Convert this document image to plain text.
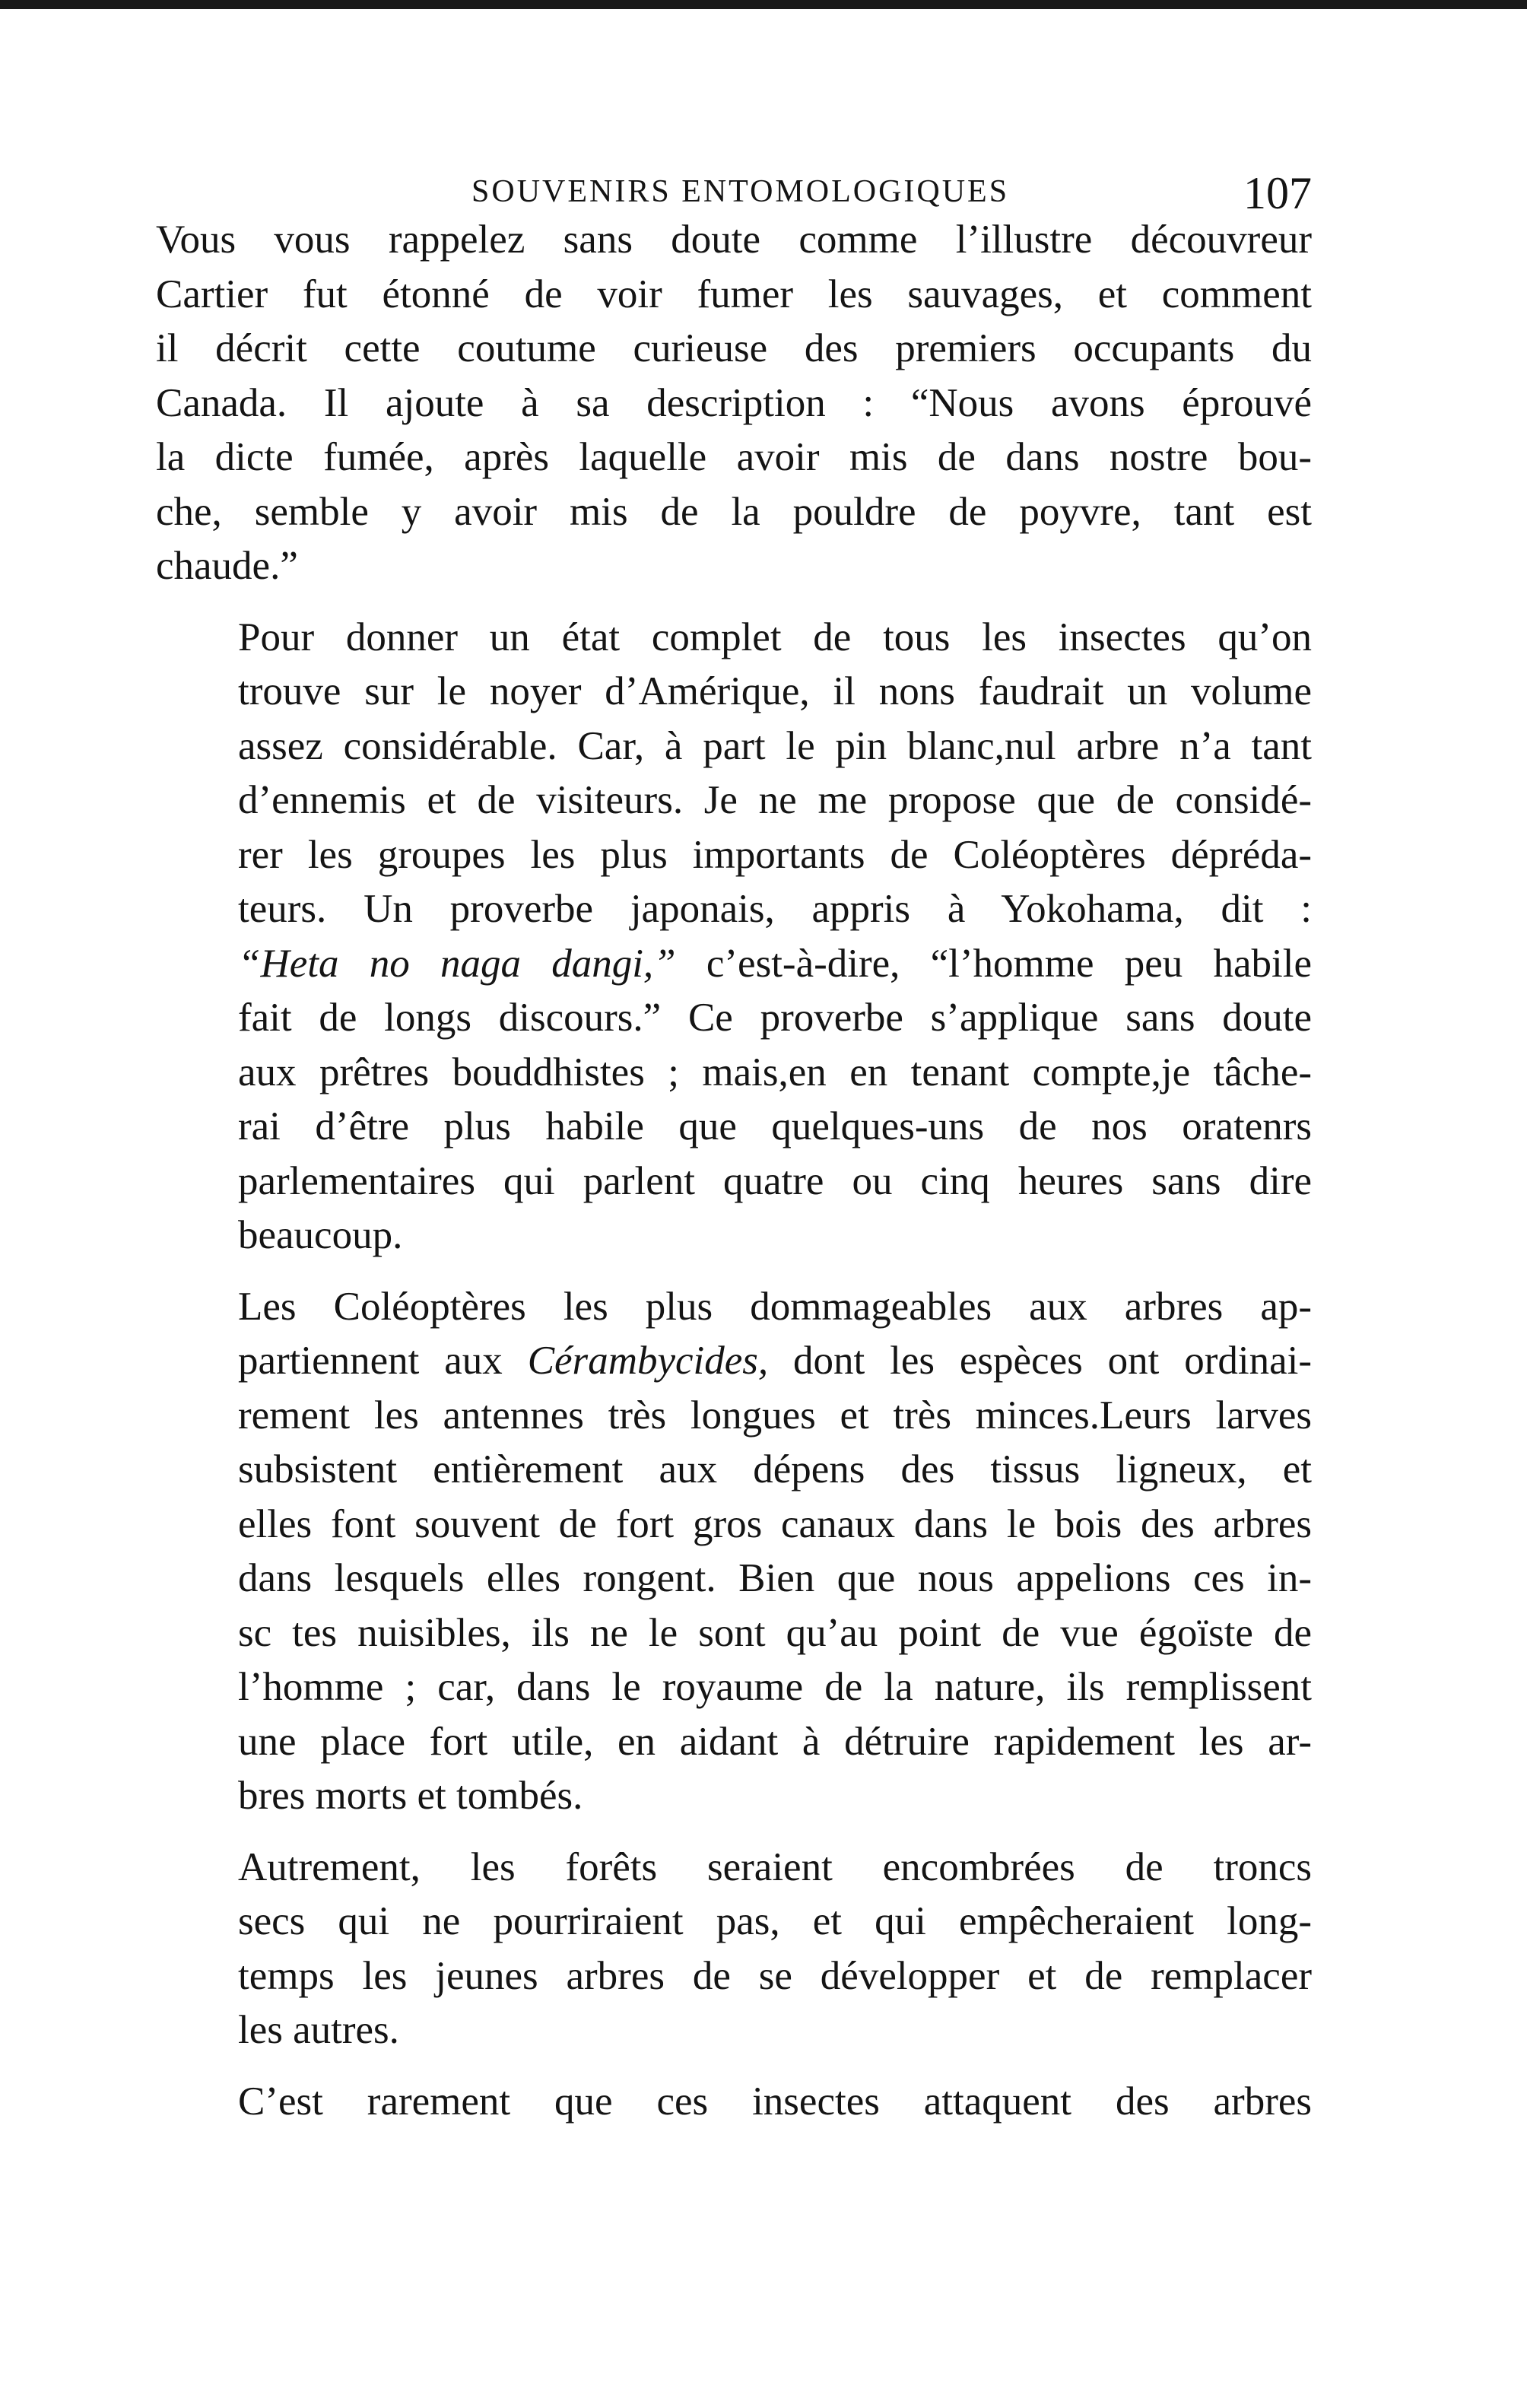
SOUVENIRS ENTOMOLOGIQUES	107

Vous vous rappelez sans doute comme l’illustre découvreur
Cartier fut étonné de voir fumer les sauvages, et comment
il décrit cette coutume curieuse des premiers occupants du
Canada. Il ajoute à sa description : “Nous avons éprouvé
la dicte fumée, après laquelle avoir mis de dans nostre bou-
che, semble y avoir mis de la pouldre de poyvre, tant est
chaude.”

Pour donner un état complet de tous les insectes qu’on
trouve sur le noyer d’Amérique, il nons faudrait un volume
assez considérable. Car, à part le pin blanc,nul arbre n’a tant
d’ennemis et de visiteurs. Je ne me propose que de considé-
rer les groupes les plus importants de Coléoptères dépréda-
teurs. Un proverbe japonais, appris à Yokohama, dit :
“Heta no naga dangi,” c’est-à-dire, “l’homme peu habile
fait de longs discours.” Ce proverbe s’applique sans doute
aux prêtres bouddhistes ; mais,en en tenant compte,je tâche-
rai d’être plus habile que quelques-uns de nos oratenrs
parlementaires qui parlent quatre ou cinq heures sans dire
beaucoup.

Les Coléoptères les plus dommageables aux arbres ap-
partiennent aux Cérambycides, dont les espèces ont ordinai-
rement les antennes très longues et très minces.Leurs larves
subsistent entièrement aux dépens des tissus ligneux, et
elles font souvent de fort gros canaux dans le bois des arbres
dans lesquels elles rongent. Bien que nous appelions ces in-
sc tes nuisibles, ils ne le sont qu’au point de vue égoïste de
l’homme ; car, dans le royaume de la nature, ils remplissent
une place fort utile, en aidant à détruire rapidement les ar-
bres morts et tombés.

Autrement, les forêts seraient encombrées de troncs
secs qui ne pourriraient pas, et qui empêcheraient long-
temps les jeunes arbres de se développer et de remplacer
les autres.

C’est rarement que ces insectes attaquent des arbres
